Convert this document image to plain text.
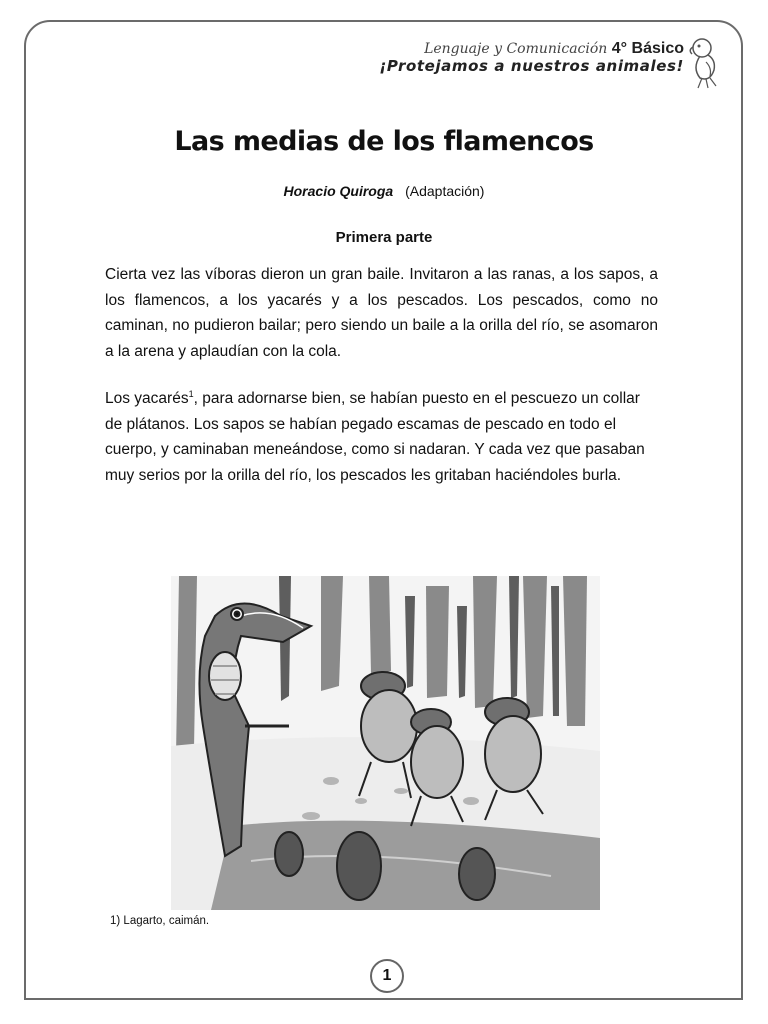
Lenguaje y Comunicación 4° Básico
¡Protejamos a nuestros animales!
Las medias de los flamencos
Horacio Quiroga (Adaptación)
Primera parte
Cierta vez las víboras dieron un gran baile. Invitaron a las ranas, a los sapos, a los flamencos, a los yacarés y a los pescados. Los pescados, como no caminan, no pudieron bailar; pero siendo un baile a la orilla del río, se asomaron a la arena y aplaudían con la cola.
Los yacarés$^1$, para adornarse bien, se habían puesto en el pescuezo un collar de plátanos. Los sapos se habían pegado escamas de pescado en todo el cuerpo, y caminaban meneándose, como si nadaran. Y cada vez que pasaban muy serios por la orilla del río, los pescados les gritaban haciéndoles burla.
1) Lagarto, caimán.
1
